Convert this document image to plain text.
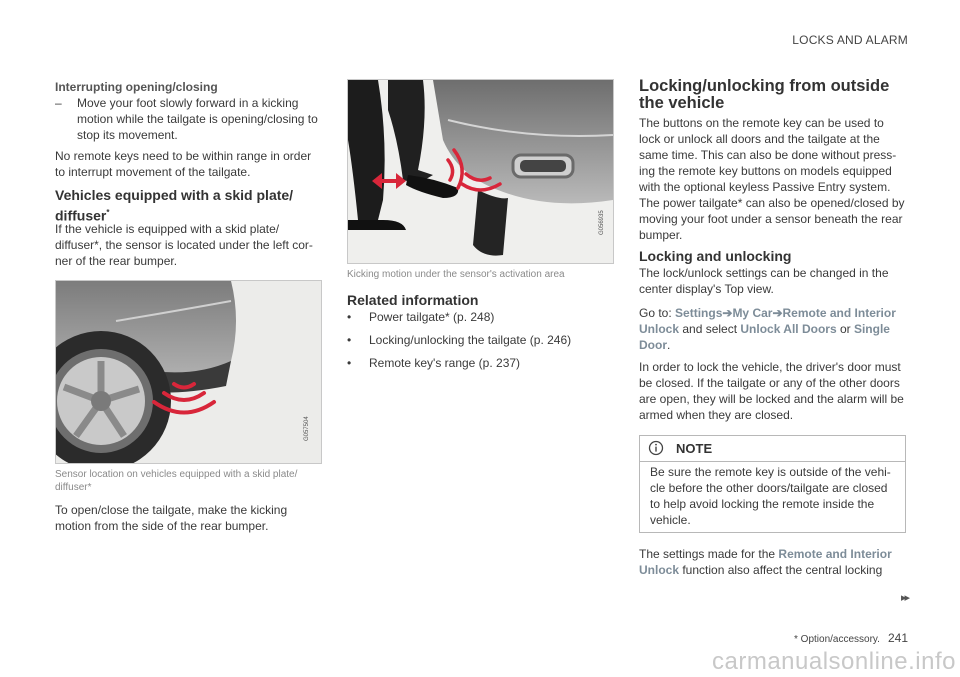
LOCKS AND ALARM
Interrupting opening/closing
–	Move your foot slowly forward in a kicking motion while the tailgate is opening/closing to stop its movement.

No remote keys need to be within range in order to interrupt movement of the tailgate.

Vehicles equipped with a skid plate/ diffuser*

If the vehicle is equipped with a skid plate/ diffuser*, the sensor is located under the left cor- ner of the rear bumper.

G057504

Sensor location on vehicles equipped with a skid plate/ diffuser*

To open/close the tailgate, make the kicking motion from the side of the rear bumper.

G056935

Kicking motion under the sensor's activation area

Related information
•	Power tailgate* (p. 248)
•	Locking/unlocking the tailgate (p. 246)
•	Remote key's range (p. 237)
Locking/unlocking from outside the vehicle

The buttons on the remote key can be used to lock or unlock all doors and the tailgate at the same time. This can also be done without press- ing the remote key buttons on models equipped with the optional keyless Passive Entry system. The power tailgate* can also be opened/closed by moving your foot under a sensor beneath the rear bumper.

Locking and unlocking

The lock/unlock settings can be changed in the center display's Top view.

Go to: Settings➔My Car➔Remote and Interior Unlock and select Unlock All Doors or Single Door.

In order to lock the vehicle, the driver's door must be closed. If the tailgate or any of the other doors are open, they will be locked and the alarm will be armed when they are closed.

NOTE

Be sure the remote key is outside of the vehi- cle before the other doors/tailgate are closed to help avoid locking the remote inside the vehicle.

The settings made for the Remote and Interior Unlock function also affect the central locking

▸▸
* Option/accessory. 241
carmanualsonline.info
